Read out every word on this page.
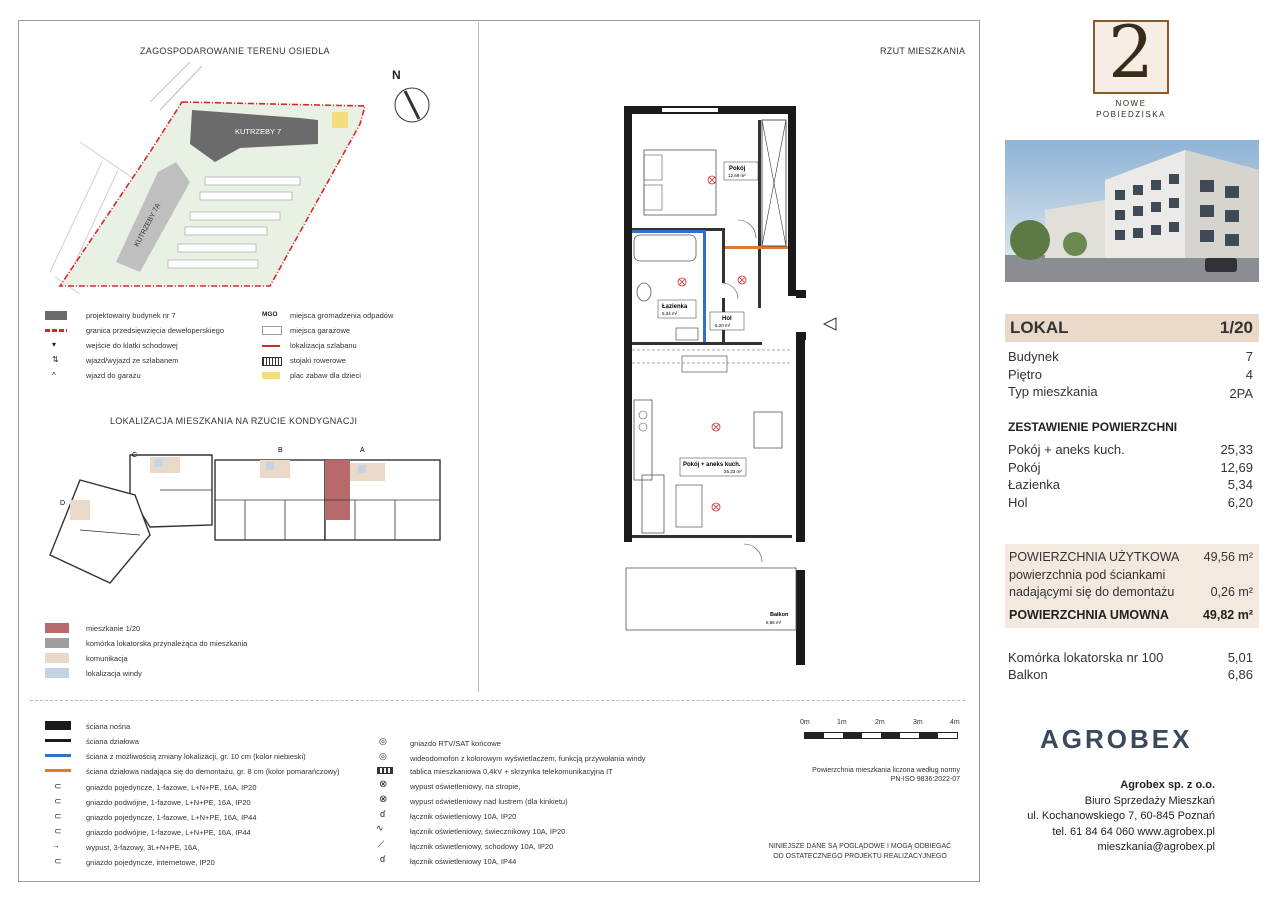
ZAGOSPODAROWANIE TERENU OSIEDLA	RZUT MIESZKANIA
LOKALIZACJA MIESZKANIA NA RZUCIE KONDYGNACJI
KUTRZEBY 7
KUTRZEBY 7A
N
projektowany budynek nr 7
granica przedsięwzięcia deweloperskiego
▾	wejście do klatki schodowej
⇅	wjazd/wyjazd ze szlabanem
^	wjazd do garażu
MGO miejsca gromadzenia odpadów
miejsca garażowe
lokalizacja szlabanu
stojaki rowerowe
plac zabaw dla dzieci
B	A
C
D
mieszkanie 1/20
komórka lokatorska przynależąca do mieszkania
komunikacja
lokalizacja windy
Pokój
12,69 m²
Łazienka
5,34 m²
Hol
6,20 m²
Pokój + aneks kuch.
25,33 m²
Balkon
6,86 m²
0m	1m	2m	3m	4m
Powierzchnia mieszkania liczona według normy
PN-ISO 9836:2022-07
NINIEJSZE DANE SĄ POGLĄDOWE I MOGĄ ODBIEGAĆ
OD OSTATECZNEGO PROJEKTU REALIZACYJNEGO
ściana nośna
ściana działowa
ściana z możliwością zmiany lokalizacji, gr. 10 cm (kolor niebieski)
ściana działowa nadająca się do demontażu, gr. 8 cm (kolor pomarańczowy)
⊂	gniazdo pojedyncze, 1-fazowe, L+N+PE, 16A, IP20
⊂	gniazdo podwójne, 1-fazowe, L+N+PE, 16A, IP20
⊂	gniazdo pojedyncze, 1-fazowe, L+N+PE, 16A, IP44
⊂	gniazdo podwójne, 1-fazowe, L+N+PE, 16A, IP44
→	wypust, 3-fazowy, 3L+N+PE, 16A,
⊂	gniazdo pojedyncze, internetowe, IP20
◎	gniazdo RTV/SAT końcowe
◎	wideodomofon z kolorowym wyświetlaczem, funkcją przywołania windy
tablica mieszkaniowa 0,4kV + skrzynka telekomunikacyjna IT
⊗	wypust oświetleniowy, na stropie,
⊗	wypust oświetleniowy nad lustrem (dla kinkietu)
ɗ	łącznik oświetleniowy 10A, IP20
∿	łącznik oświetleniowy, świecznikowy 10A, IP20
⟋	łącznik oświetleniowy, schodowy 10A, IP20
ɗ	łącznik oświetleniowy 10A, IP44
2
NOWE
POBIEDZISKA
LOKAL	1/20
Budynek	7
Piętro	4
Typ mieszkania	2PA
ZESTAWIENIE POWIERZCHNI
Pokój + aneks kuch.	25,33
Pokój	12,69
Łazienka	5,34
Hol	6,20
POWIERZCHNIA UŻYTKOWA 49,56 m²
powierzchnia pod ściankami
nadającymi się do demontażu	0,26 m²
POWIERZCHNIA UMOWNA	49,82 m²
Komórka lokatorska nr 100	5,01
Balkon	6,86
AGROBEX
Agrobex sp. z o.o.
Biuro Sprzedaży Mieszkań
ul. Kochanowskiego 7, 60-845 Poznań
tel. 61 84 64 060 www.agrobex.pl
mieszkania@agrobex.pl
